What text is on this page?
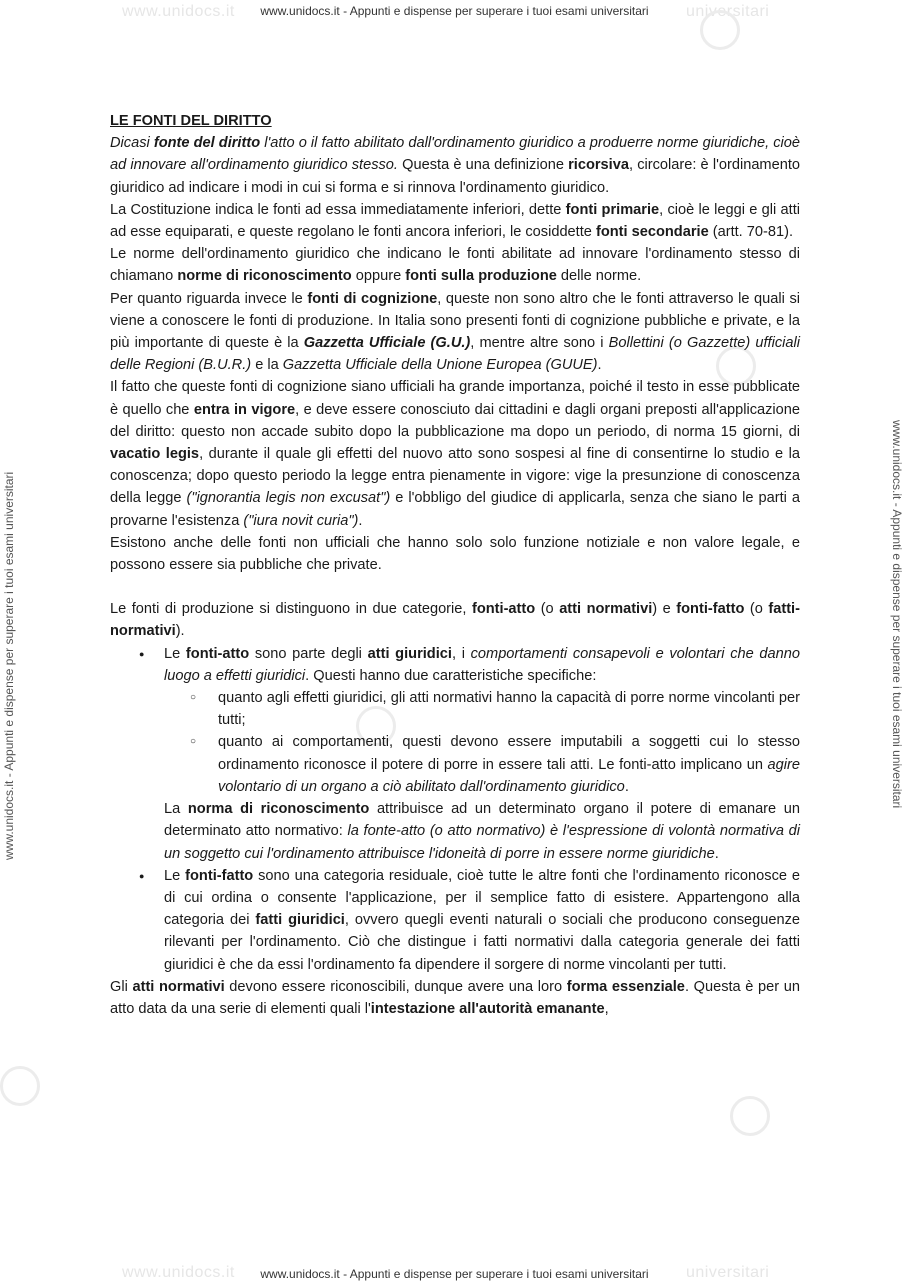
www.unidocs.it	universitari
www.unidocs.it - Appunti e dispense per superare i tuoi esami universitari
www.unidocs.it	universitari
www.unidocs.it - Appunti e dispense per superare i tuoi esami universitari
www.unidocs.it - Appunti e dispense per superare i tuoi esami universitari	www.unidocs.it - Appunti e dispense per superare i tuoi esami universitari

LE FONTI DEL DIRITTO

Dicasi fonte del diritto l'atto o il fatto abilitato dall'ordinamento giuridico a produerre norme giuridiche, cioè ad innovare all'ordinamento giuridico stesso. Questa è una definizione ricorsiva, circolare: è l'ordinamento giuridico ad indicare i modi in cui si forma e si rinnova l'ordinamento giuridico.

La Costituzione indica le fonti ad essa immediatamente inferiori, dette fonti primarie, cioè le leggi e gli atti ad esse equiparati, e queste regolano le fonti ancora inferiori, le cosiddette fonti secondarie (artt. 70-81).

Le norme dell'ordinamento giuridico che indicano le fonti abilitate ad innovare l'ordinamento stesso di chiamano norme di riconoscimento oppure fonti sulla produzione delle norme.

Per quanto riguarda invece le fonti di cognizione, queste non sono altro che le fonti attraverso le quali si viene a conoscere le fonti di produzione. In Italia sono presenti fonti di cognizione pubbliche e private, e la più importante di queste è la Gazzetta Ufficiale (G.U.), mentre altre sono i Bollettini (o Gazzette) ufficiali delle Regioni (B.U.R.) e la Gazzetta Ufficiale della Unione Europea (GUUE).

Il fatto che queste fonti di cognizione siano ufficiali ha grande importanza, poiché il testo in esse pubblicate è quello che entra in vigore, e deve essere conosciuto dai cittadini e dagli organi preposti all'applicazione del diritto: questo non accade subito dopo la pubblicazione ma dopo un periodo, di norma 15 giorni, di vacatio legis, durante il quale gli effetti del nuovo atto sono sospesi al fine di consentirne lo studio e la conoscenza; dopo questo periodo la legge entra pienamente in vigore: vige la presunzione di conoscenza della legge ("ignorantia legis non excusat") e l'obbligo del giudice di applicarla, senza che siano le parti a provarne l'esistenza ("iura novit curia").

Esistono anche delle fonti non ufficiali che hanno solo solo funzione notiziale e non valore legale, e possono essere sia pubbliche che private.

Le fonti di produzione si distinguono in due categorie, fonti-atto (o atti normativi) e fonti-fatto (o fatti-normativi).

● Le fonti-atto sono parte degli atti giuridici, i comportamenti consapevoli e volontari che danno luogo a effetti giuridici. Questi hanno due caratteristiche specifiche:
○ quanto agli effetti giuridici, gli atti normativi hanno la capacità di porre norme vincolanti per tutti;
○ quanto ai comportamenti, questi devono essere imputabili a soggetti cui lo stesso ordinamento riconosce il potere di porre in essere tali atti. Le fonti-atto implicano un agire volontario di un organo a ciò abilitato dall'ordinamento giuridico.

La norma di riconoscimento attribuisce ad un determinato organo il potere di emanare un determinato atto normativo: la fonte-atto (o atto normativo) è l'espressione di volontà normativa di un soggetto cui l'ordinamento attribuisce l'idoneità di porre in essere norme giuridiche.

● Le fonti-fatto sono una categoria residuale, cioè tutte le altre fonti che l'ordinamento riconosce e di cui ordina o consente l'applicazione, per il semplice fatto di esistere. Appartengono alla categoria dei fatti giuridici, ovvero quegli eventi naturali o sociali che producono conseguenze rilevanti per l'ordinamento. Ciò che distingue i fatti normativi dalla categoria generale dei fatti giuridici è che da essi l'ordinamento fa dipendere il sorgere di norme vincolanti per tutti.

Gli atti normativi devono essere riconoscibili, dunque avere una loro forma essenziale. Questa è per un atto data da una serie di elementi quali l'intestazione all'autorità emanante,
